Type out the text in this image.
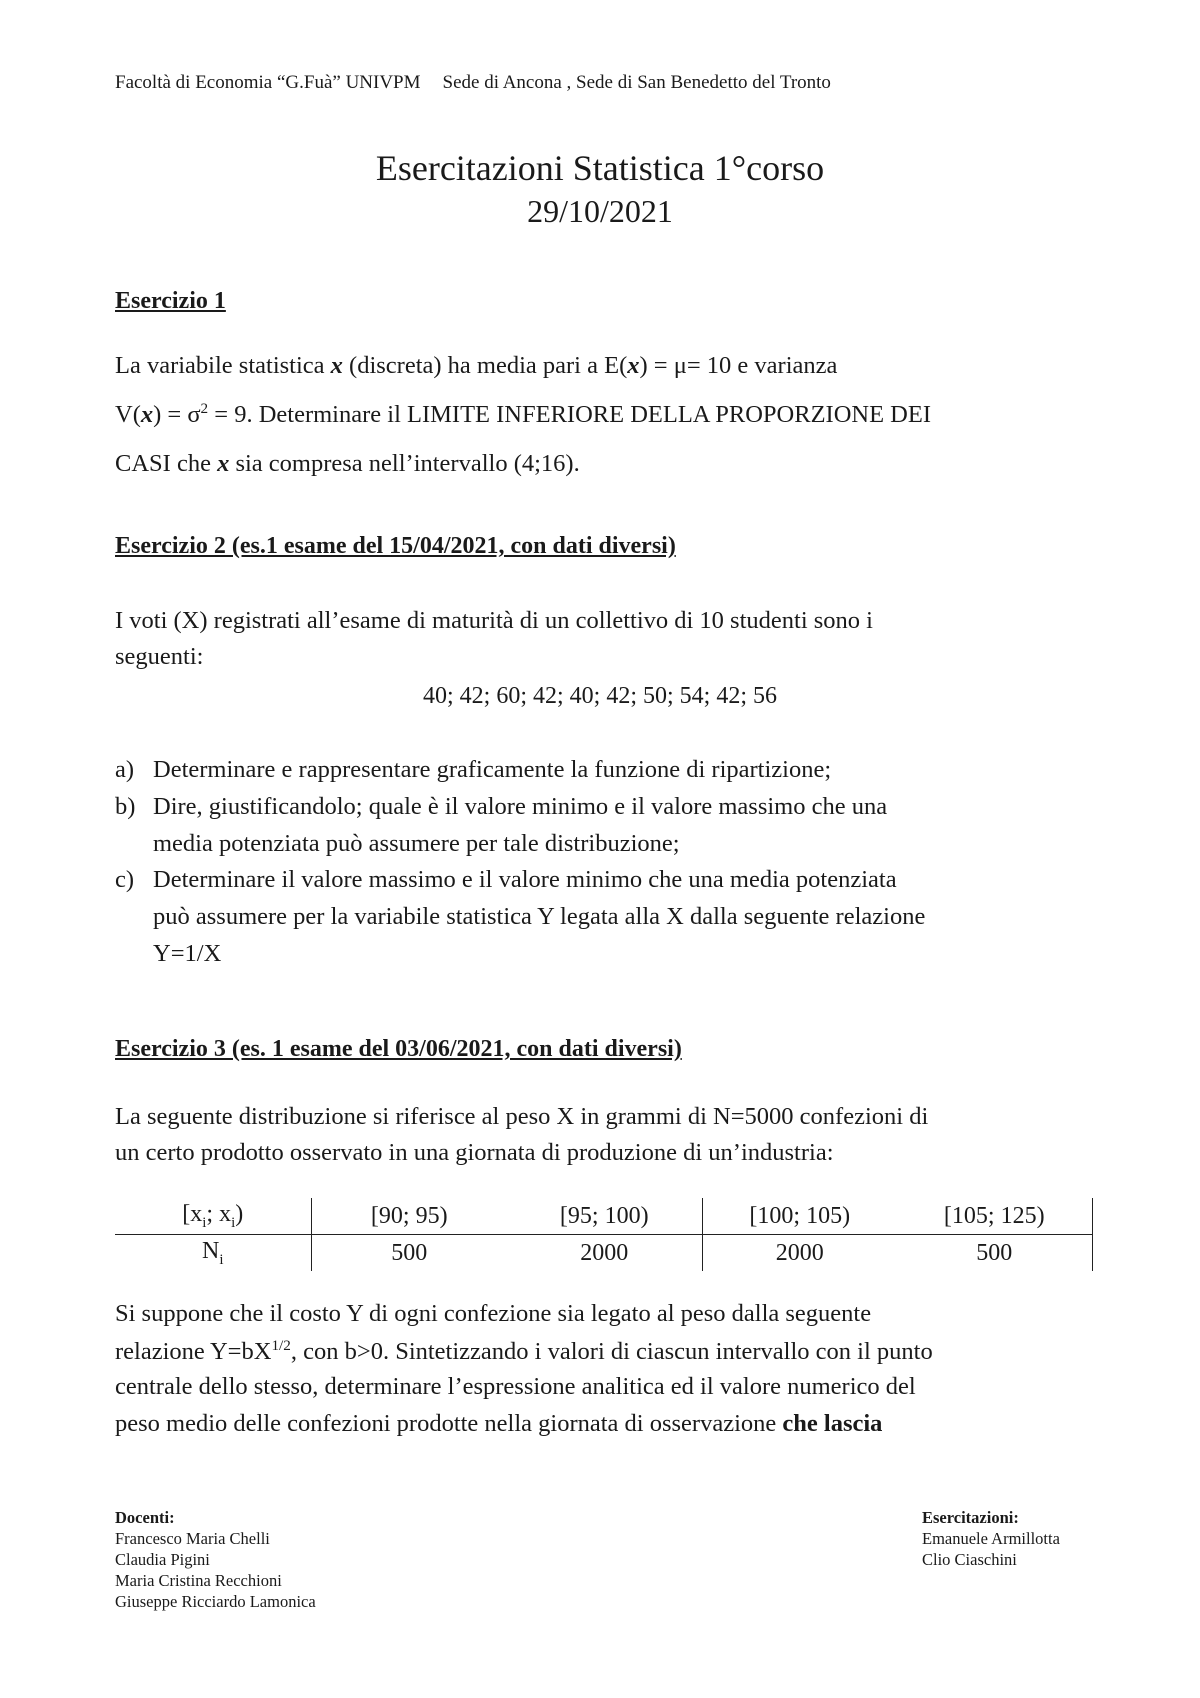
Facoltà di Economia “G.Fuà” UNIVPM Sede di Ancona , Sede di San Benedetto del Tronto
Esercitazioni Statistica 1°corso
29/10/2021
Esercizio 1
La variabile statistica x (discreta) ha media pari a E(x) = μ= 10 e varianza
$V(x) = \sigma^2 = 9$. Determinare il LIMITE INFERIORE DELLA PROPORZIONE DEI
CASI che x sia compresa nell’intervallo (4;16).
Esercizio 2 (es.1 esame del 15/04/2021, con dati diversi)
I voti (X) registrati all’esame di maturità di un collettivo di 10 studenti sono i
seguenti:
40; 42; 60; 42; 40; 42; 50; 54; 42; 56
a) Determinare e rappresentare graficamente la funzione di ripartizione;
b) Dire, giustificandolo; quale è il valore minimo e il valore massimo che una
media potenziata può assumere per tale distribuzione;
c) Determinare il valore massimo e il valore minimo che una media potenziata
può assumere per la variabile statistica Y legata alla X dalla seguente relazione
Y=1/X
Esercizio 3 (es. 1 esame del 03/06/2021, con dati diversi)
La seguente distribuzione si riferisce al peso X in grammi di N=5000 confezioni di
un certo prodotto osservato in una giornata di produzione di un’industria:
[$x_i$; $x_i$)	[90; 95)	[95; 100)	[100; 105)	[105; 125)
$N_i$	500	2000	2000	500
Si suppone che il costo Y di ogni confezione sia legato al peso dalla seguente
relazione $Y=bX^{1/2}$, con b>0. Sintetizzando i valori di ciascun intervallo con il punto
centrale dello stesso, determinare l’espressione analitica ed il valore numerico del
peso medio delle confezioni prodotte nella giornata di osservazione che lascia
Docenti:
Francesco Maria Chelli
Claudia Pigini
Maria Cristina Recchioni
Giuseppe Ricciardo Lamonica
Esercitazioni:
Emanuele Armillotta
Clio Ciaschini
